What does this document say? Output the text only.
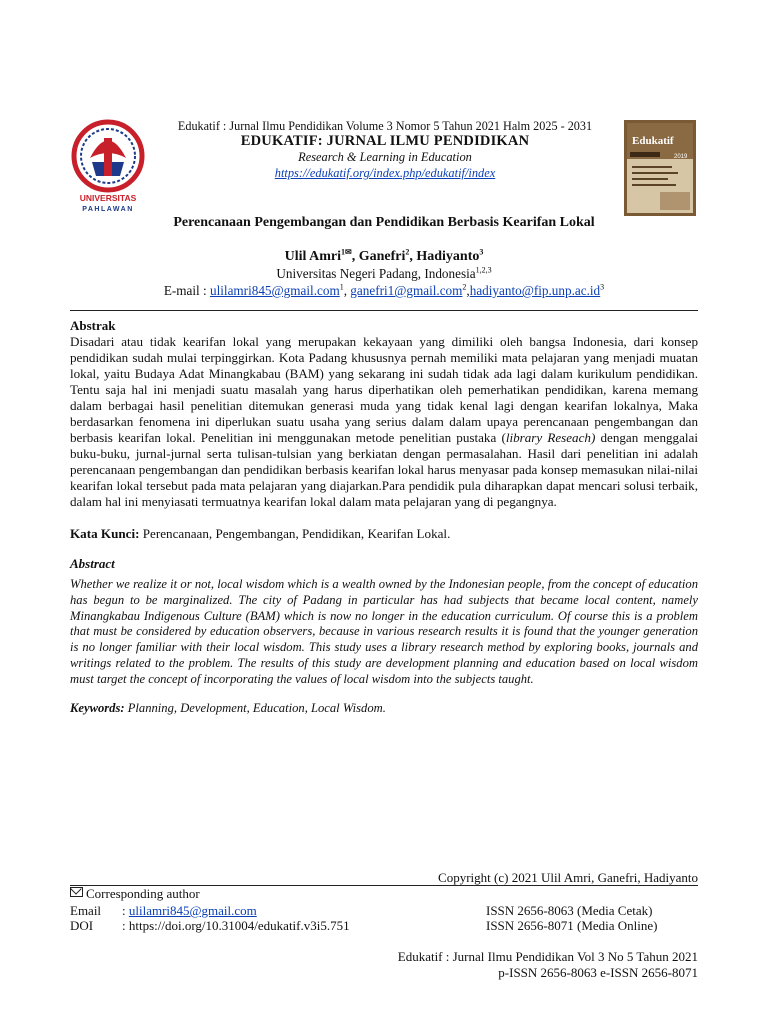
UNIVERSITAS
PAHLAWAN
Edukatif
2019
Edukatif : Jurnal Ilmu Pendidikan Volume 3 Nomor 5 Tahun 2021 Halm 2025 - 2031
EDUKATIF: JURNAL ILMU PENDIDIKAN
Research & Learning in Education
https://edukatif.org/index.php/edukatif/index
Perencanaan Pengembangan dan Pendidikan Berbasis Kearifan Lokal
Ulil Amri$^{1✉}$, Ganefri$^2$, Hadiyanto$^3$
Universitas Negeri Padang, Indonesia$^{1,2,3}$
E-mail : ulilamri845@gmail.com$^1$, $ganefri1@gmail.com^2,hadiyanto@fip.unp.ac.id^3$
Abstrak
Disadari atau tidak kearifan lokal yang merupakan kekayaan yang dimiliki oleh bangsa Indonesia, dari konsep pendidikan sudah mulai terpinggirkan. Kota Padang khususnya pernah memiliki mata pelajaran yang menjadi muatan lokal, yaitu Budaya Adat Minangkabau (BAM) yang sekarang ini sudah tidak ada lagi dalam kurikulum pendidikan. Tentu saja hal ini menjadi suatu masalah yang harus diperhatikan oleh pemerhatikan pendidikan, karena memang dalam berbagai hasil penelitian ditemukan generasi muda yang tidak kenal lagi dengan kearifan lokalnya, Maka berdasarkan fenomena ini diperlukan suatu usaha yang serius dalam dalam upaya perencanaan pengembangan dan berbasis kearifan lokal. Penelitian ini menggunakan metode penelitian pustaka (library Reseach) dengan menggalai buku-buku, jurnal-jurnal serta tulisan-tulsian yang berkiatan dengan permasalahan. Hasil dari penelitian ini adalah perencanaan pengembangan dan pendidikan berbasis kearifan lokal harus menyasar pada konsep memasukan nilai-nilai kearifan lokal tersebut pada mata pelajaran yang diajarkan.Para pendidik pula diharapkan dapat mencari solusi terbaik, dalam hal ini menyiasati termuatnya kearifan lokal dalam mata pelajaran yang di pegangnya.
Kata Kunci: Perencanaan, Pengembangan, Pendidikan, Kearifan Lokal.
Abstract
Whether we realize it or not, local wisdom which is a wealth owned by the Indonesian people, from the concept of education has begun to be marginalized. The city of Padang in particular has had subjects that became local content, namely Minangkabau Indigenous Culture (BAM) which is now no longer in the education curriculum. Of course this is a problem that must be considered by education observers, because in various research results it is found that the younger generation is no longer familiar with their local wisdom. This study uses a library research method by exploring books, journals and writings related to the problem. The results of this study are development planning and education based on local wisdom must target the concept of incorporating the values of local wisdom into the subjects taught.
Keywords: Planning, Development, Education, Local Wisdom.
Copyright (c) 2021 Ulil Amri, Ganefri, Hadiyanto
Corresponding author
Email : ulilamri845@gmail.com
DOI : https://doi.org/10.31004/edukatif.v3i5.751
ISSN 2656-8063 (Media Cetak)
ISSN 2656-8071 (Media Online)
Edukatif : Jurnal Ilmu Pendidikan Vol 3 No 5 Tahun 2021
p-ISSN 2656-8063 e-ISSN 2656-8071
